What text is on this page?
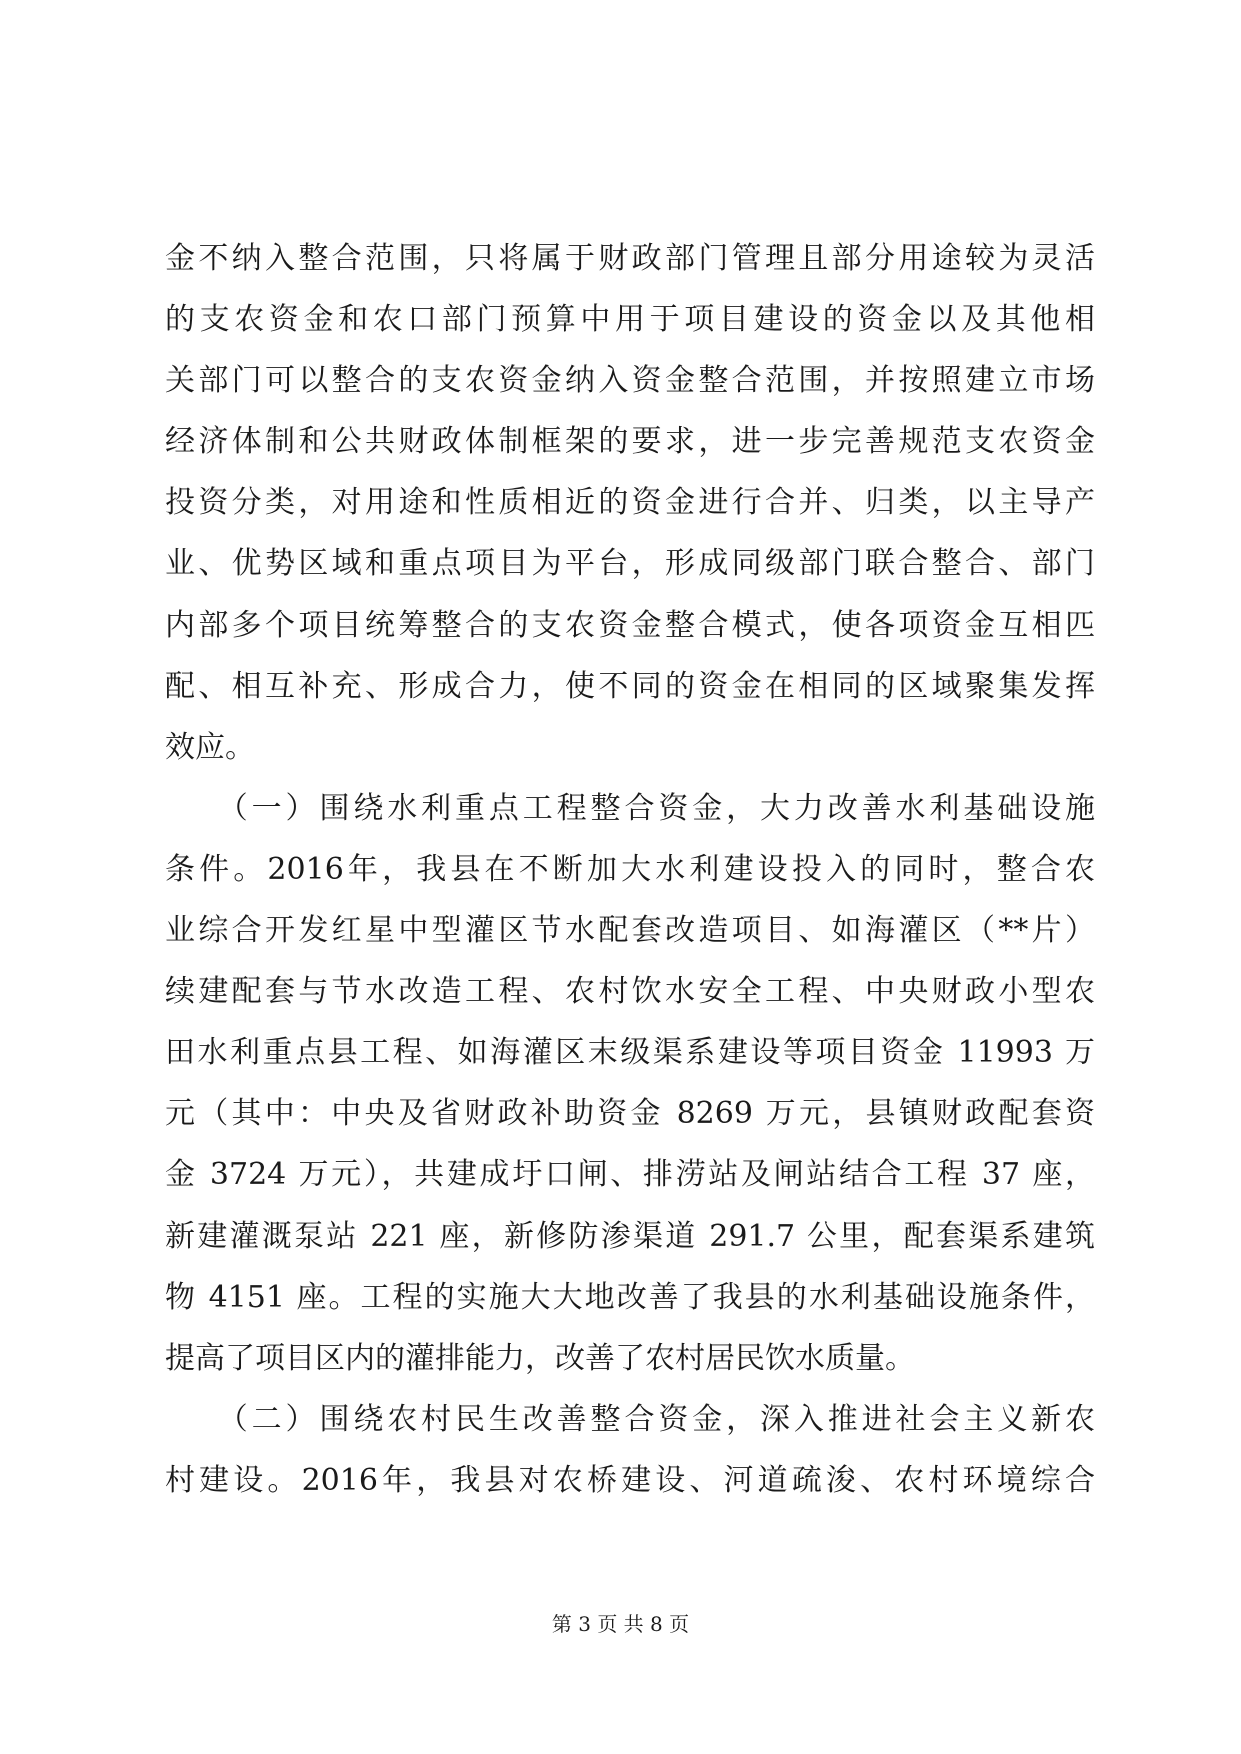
金不纳入整合范围，只将属于财政部门管理且部分用途较为灵活
的支农资金和农口部门预算中用于项目建设的资金以及其他相
关部门可以整合的支农资金纳入资金整合范围，并按照建立市场
经济体制和公共财政体制框架的要求，进一步完善规范支农资金
投资分类，对用途和性质相近的资金进行合并、归类，以主导产
业、优势区域和重点项目为平台，形成同级部门联合整合、部门
内部多个项目统筹整合的支农资金整合模式，使各项资金互相匹
配、相互补充、形成合力，使不同的资金在相同的区域聚集发挥
效应。
　　（一）围绕水利重点工程整合资金，大力改善水利基础设施
条件。2016年，我县在不断加大水利建设投入的同时，整合农
业综合开发红星中型灌区节水配套改造项目、如海灌区（**片）
续建配套与节水改造工程、农村饮水安全工程、中央财政小型农
田水利重点县工程、如海灌区末级渠系建设等项目资金 11993 万
元（其中：中央及省财政补助资金 8269 万元，县镇财政配套资
金 3724 万元），共建成圩口闸、排涝站及闸站结合工程 37 座，
新建灌溉泵站 221 座，新修防渗渠道 291.7 公里，配套渠系建筑
物 4151 座。工程的实施大大地改善了我县的水利基础设施条件，
提高了项目区内的灌排能力，改善了农村居民饮水质量。
　　（二）围绕农村民生改善整合资金，深入推进社会主义新农
村建设。2016年，我县对农桥建设、河道疏浚、农村环境综合
第 3 页 共 8 页
